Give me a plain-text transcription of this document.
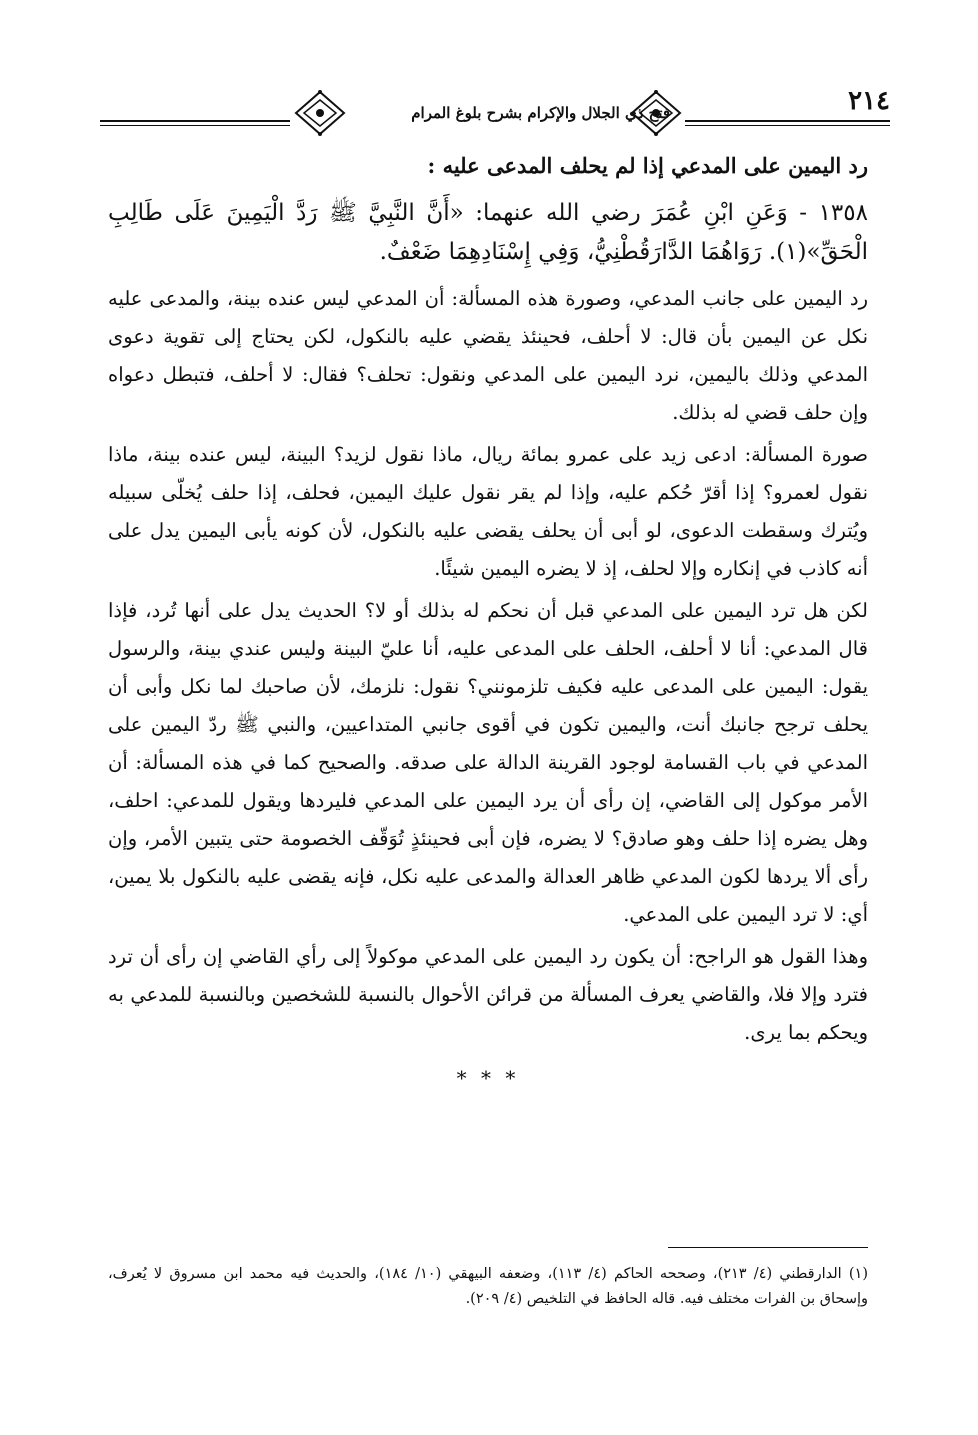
فتح ذي الجلال والإكرام بشرح بلوغ المرام	٢١٤

رد اليمين على المدعي إذا لم يحلف المدعى عليه :

١٣٥٨ - وَعَنِ ابْنِ عُمَرَ رضي الله عنهما: «أَنَّ النَّبِيَّ ﷺ رَدَّ الْيَمِينَ عَلَى طَالِبِ الْحَقِّ»(١). رَوَاهُمَا الدَّارَقُطْنِيُّ، وَفِي إِسْنَادِهِمَا ضَعْفٌ.

رد اليمين على جانب المدعي، وصورة هذه المسألة: أن المدعي ليس عنده بينة، والمدعى عليه نكل عن اليمين بأن قال: لا أحلف، فحينئذ يقضي عليه بالنكول، لكن يحتاج إلى تقوية دعوى المدعي وذلك باليمين، نرد اليمين على المدعي ونقول: تحلف؟ فقال: لا أحلف، فتبطل دعواه وإن حلف قضي له بذلك.

صورة المسألة: ادعى زيد على عمرو بمائة ريال، ماذا نقول لزيد؟ البينة، ليس عنده بينة، ماذا نقول لعمرو؟ إذا أقرّ حُكم عليه، وإذا لم يقر نقول عليك اليمين، فحلف، إذا حلف يُخلّى سبيله ويُترك وسقطت الدعوى، لو أبى أن يحلف يقضى عليه بالنكول، لأن كونه يأبى اليمين يدل على أنه كاذب في إنكاره وإلا لحلف، إذ لا يضره اليمين شيئًا.

لكن هل ترد اليمين على المدعي قبل أن نحكم له بذلك أو لا؟ الحديث يدل على أنها تُرد، فإذا قال المدعي: أنا لا أحلف، الحلف على المدعى عليه، أنا عليّ البينة وليس عندي بينة، والرسول يقول: اليمين على المدعى عليه فكيف تلزمونني؟ نقول: نلزمك، لأن صاحبك لما نكل وأبى أن يحلف ترجح جانبك أنت، واليمين تكون في أقوى جانبي المتداعيين، والنبي ﷺ ردّ اليمين على المدعي في باب القسامة لوجود القرينة الدالة على صدقه. والصحيح كما في هذه المسألة: أن الأمر موكول إلى القاضي، إن رأى أن يرد اليمين على المدعي فليردها ويقول للمدعي: احلف، وهل يضره إذا حلف وهو صادق؟ لا يضره، فإن أبى فحينئذٍ تُوَقّف الخصومة حتى يتبين الأمر، وإن رأى ألا يردها لكون المدعي ظاهر العدالة والمدعى عليه نكل، فإنه يقضى عليه بالنكول بلا يمين، أي: لا ترد اليمين على المدعي.

وهذا القول هو الراجح: أن يكون رد اليمين على المدعي موكولاً إلى رأي القاضي إن رأى أن ترد فترد وإلا فلا، والقاضي يعرف المسألة من قرائن الأحوال بالنسبة للشخصين وبالنسبة للمدعي به ويحكم بما يرى.

* * *
(١) الدارقطني (٤/ ٢١٣)، وصححه الحاكم (٤/ ١١٣)، وضعفه البيهقي (١٠/ ١٨٤)، والحديث فيه محمد ابن مسروق لا يُعرف، وإسحاق بن الفرات مختلف فيه. قاله الحافظ في التلخيص (٤/ ٢٠٩).
